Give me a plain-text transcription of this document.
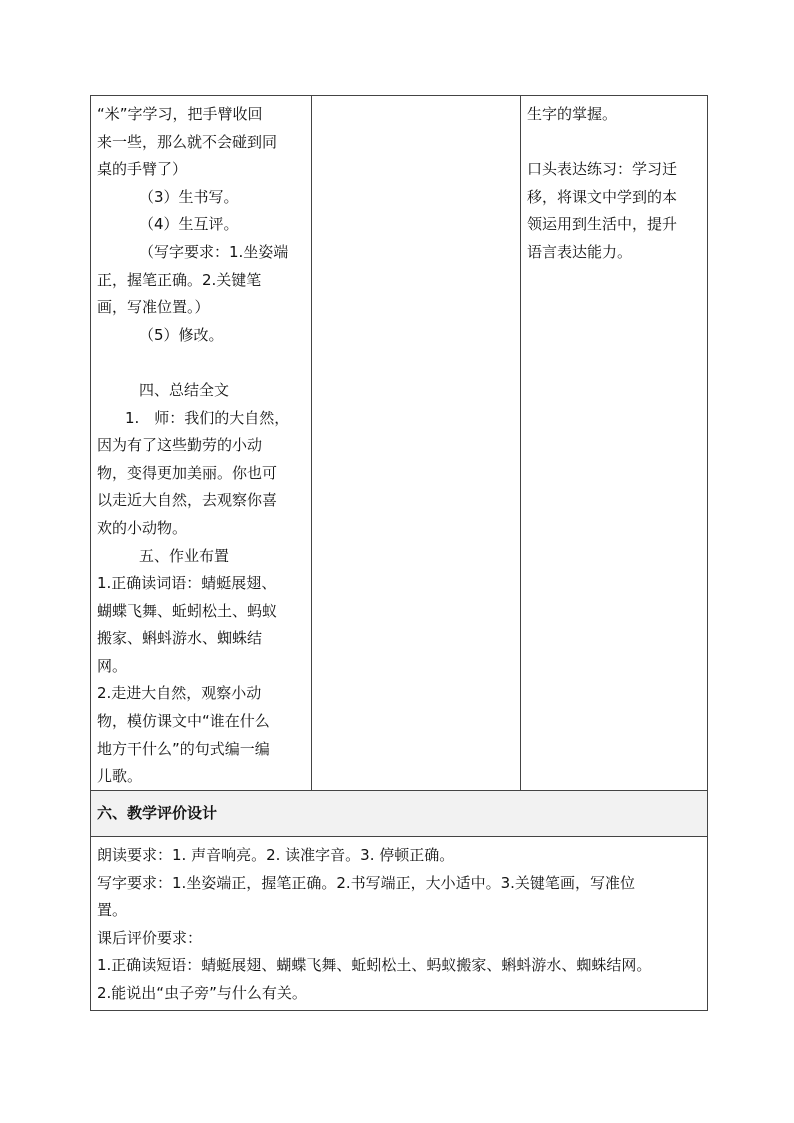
“米”字学习，把手臂收回
来一些，那么就不会碰到同
桌的手臂了）
（3）生书写。
（4）生互评。
（写字要求：1.坐姿端
正，握笔正确。2.关键笔
画，写准位置。）
（5）修改。
四、总结全文
1.　师：我们的大自然，
因为有了这些勤劳的小动
物，变得更加美丽。你也可
以走近大自然，去观察你喜
欢的小动物。
五、作业布置
1.正确读词语：蜻蜓展翅、
蝴蝶飞舞、蚯蚓松土、蚂蚁
搬家、蝌蚪游水、蜘蛛结
网。
2.走进大自然，观察小动
物，模仿课文中“谁在什么
地方干什么”的句式编一编
儿歌。

生字的掌握。
口头表达练习：学习迁
移，将课文中学到的本
领运用到生活中，提升
语言表达能力。

六、教学评价设计

朗读要求：1. 声音响亮。2. 读准字音。3. 停顿正确。
写字要求：1.坐姿端正，握笔正确。2.书写端正，大小适中。3.关键笔画，写准位
置。
课后评价要求：
1.正确读短语：蜻蜓展翅、蝴蝶飞舞、蚯蚓松土、蚂蚁搬家、蝌蚪游水、蜘蛛结网。
2.能说出“虫子旁”与什么有关。
